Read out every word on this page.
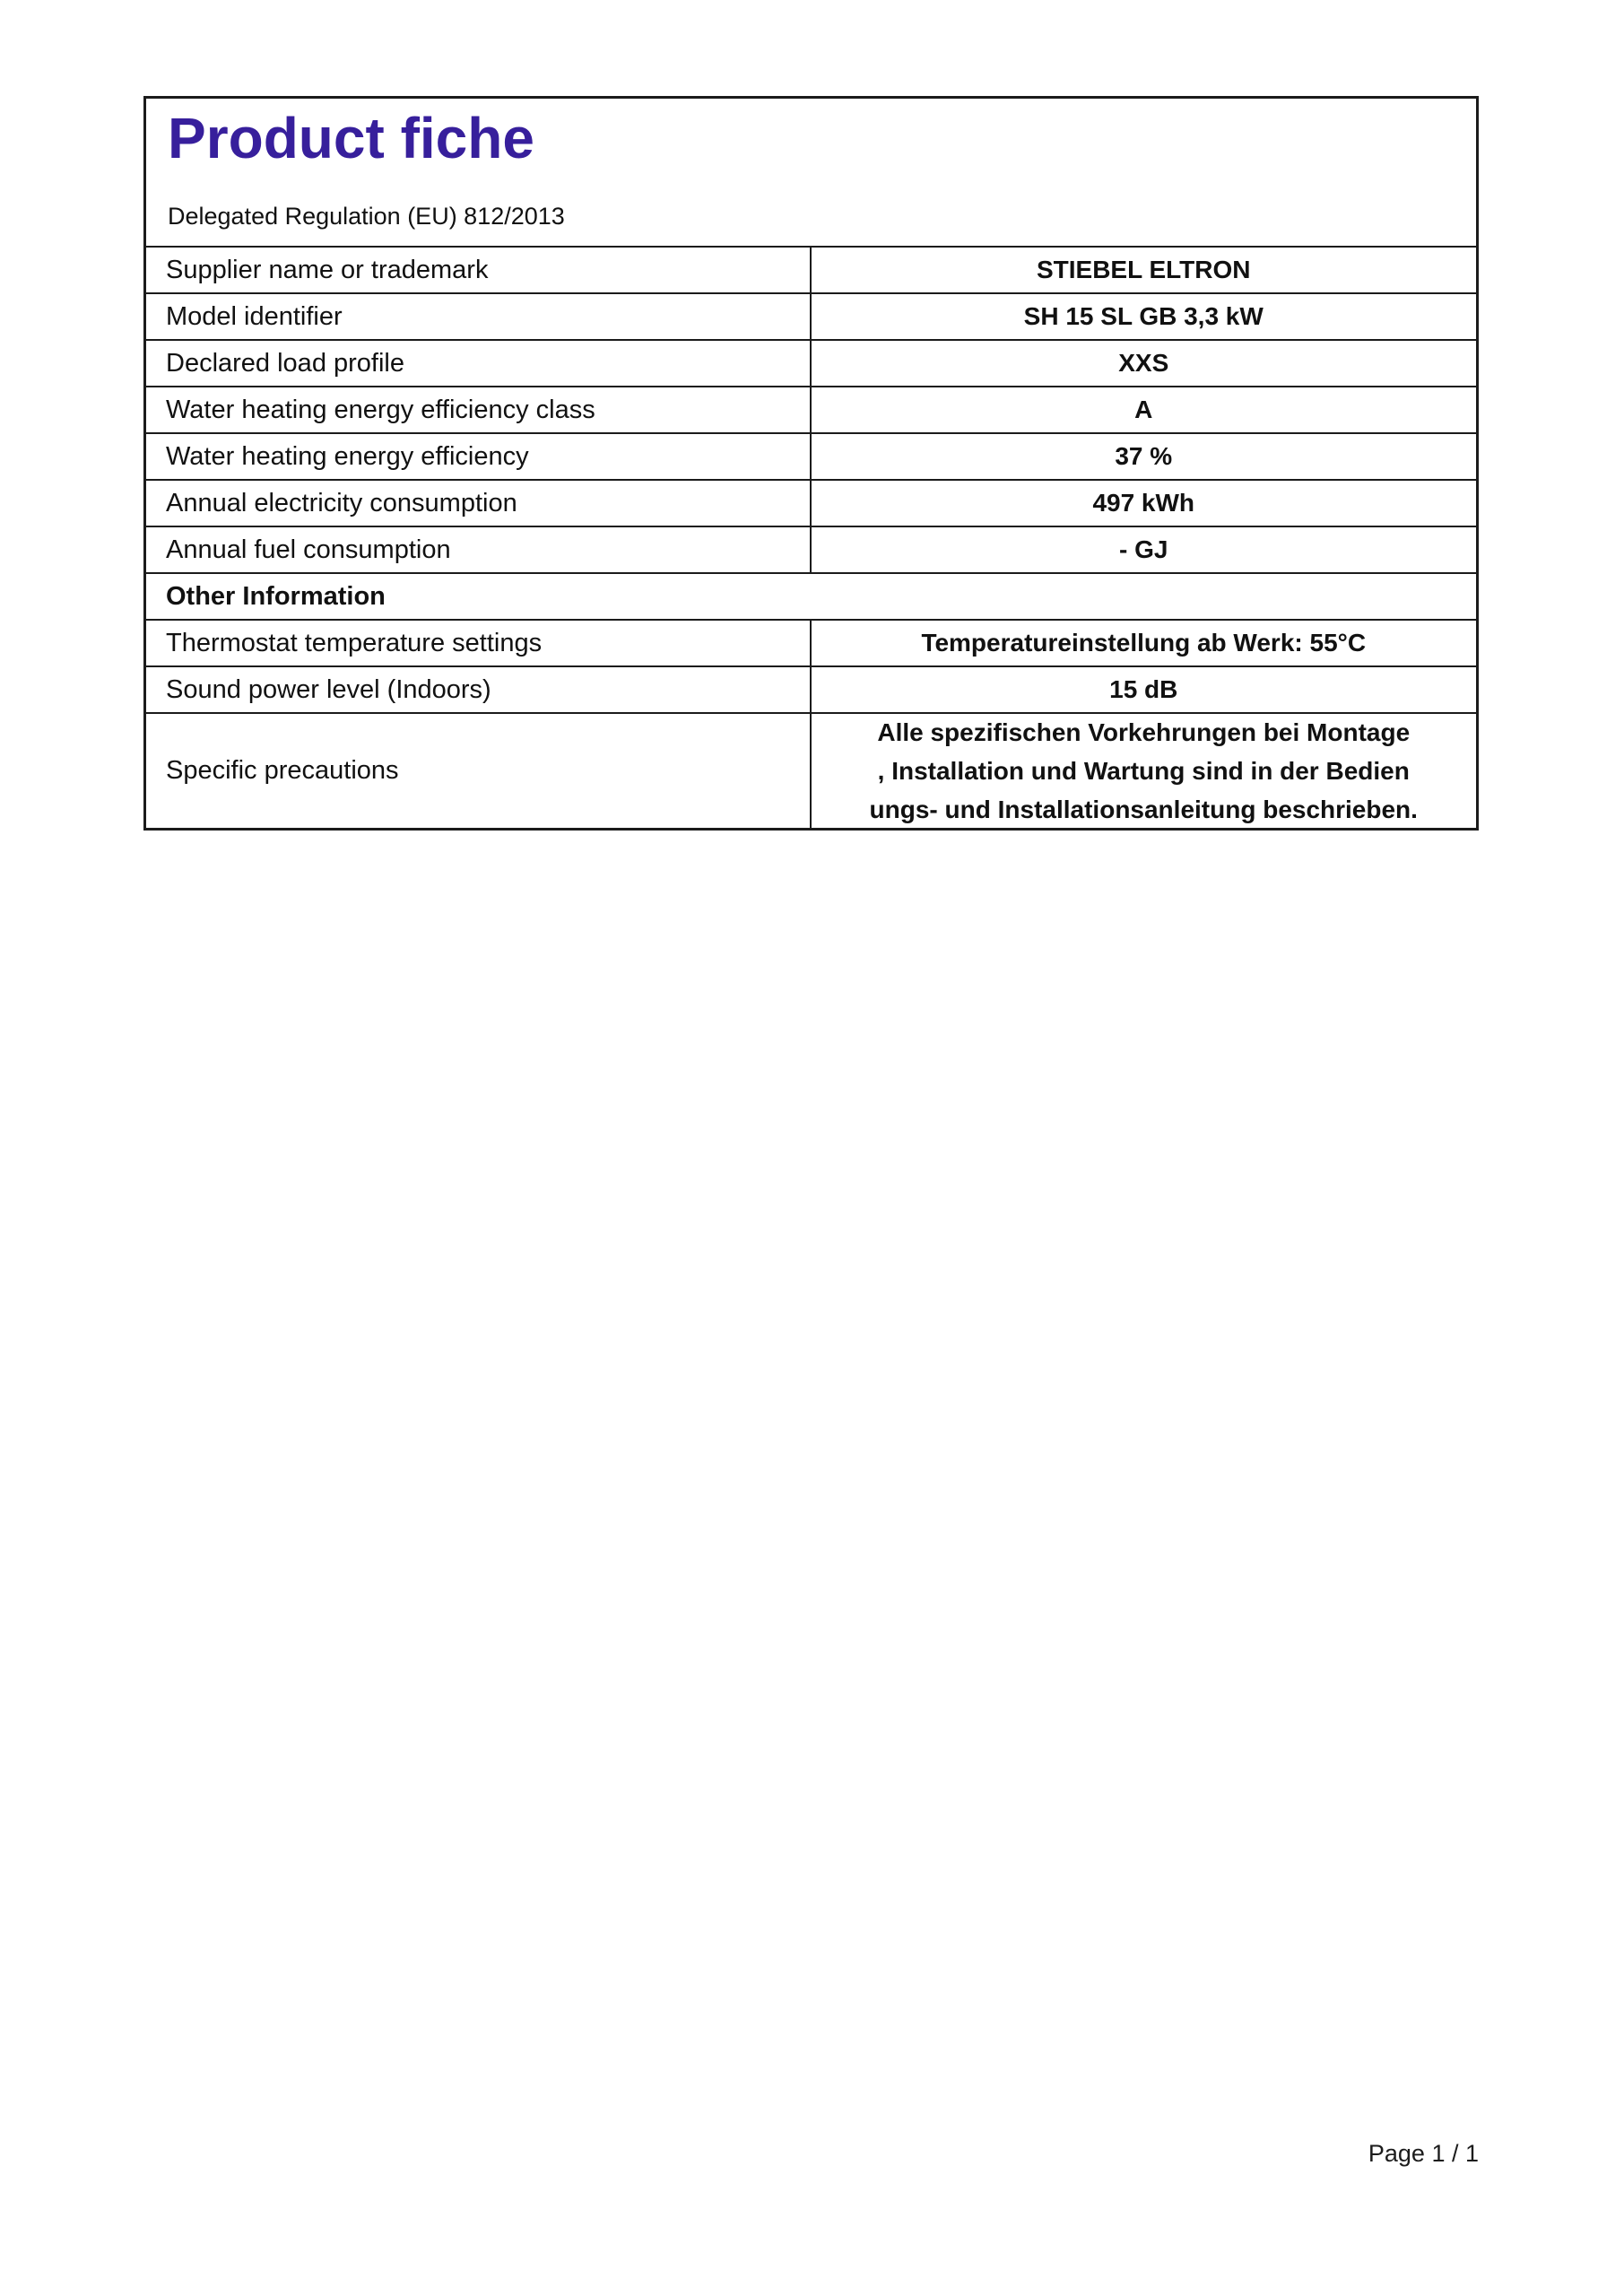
Product fiche
Delegated Regulation (EU) 812/2013
Supplier name or trademark	STIEBEL ELTRON
Model identifier	SH 15 SL GB 3,3 kW
Declared load profile	XXS
Water heating energy efficiency class	A
Water heating energy efficiency	37 %
Annual electricity consumption	497 kWh
Annual fuel consumption	- GJ
Other Information
Thermostat temperature settings	Temperatureinstellung ab Werk: 55°C
Sound power level (Indoors)	15 dB
Specific precautions
Alle spezifischen Vorkehrungen bei Montage
, Installation und Wartung sind in der Bedien
ungs- und Installationsanleitung beschrieben.
Page 1 / 1
